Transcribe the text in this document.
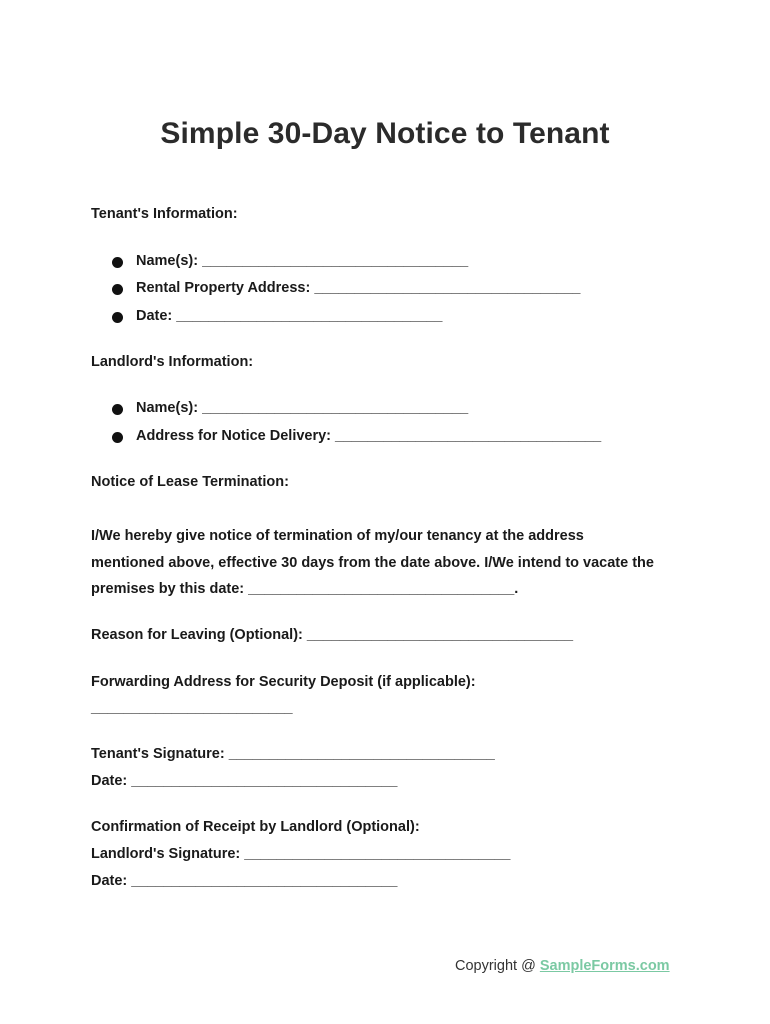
Simple 30-Day Notice to Tenant
Tenant's Information:
Name(s): _________________________________
Rental Property Address: _________________________________
Date: _________________________________
Landlord's Information:
Name(s): _________________________________
Address for Notice Delivery: _________________________________
Notice of Lease Termination:
I/We hereby give notice of termination of my/our tenancy at the address
mentioned above, effective 30 days from the date above. I/We intend to vacate the
premises by this date: _________________________________.
Reason for Leaving (Optional): _________________________________
Forwarding Address for Security Deposit (if applicable):
_________________________
Tenant's Signature: _________________________________
Date: _________________________________
Confirmation of Receipt by Landlord (Optional):
Landlord's Signature: _________________________________
Date: _________________________________
Copyright @ SampleForms.com
